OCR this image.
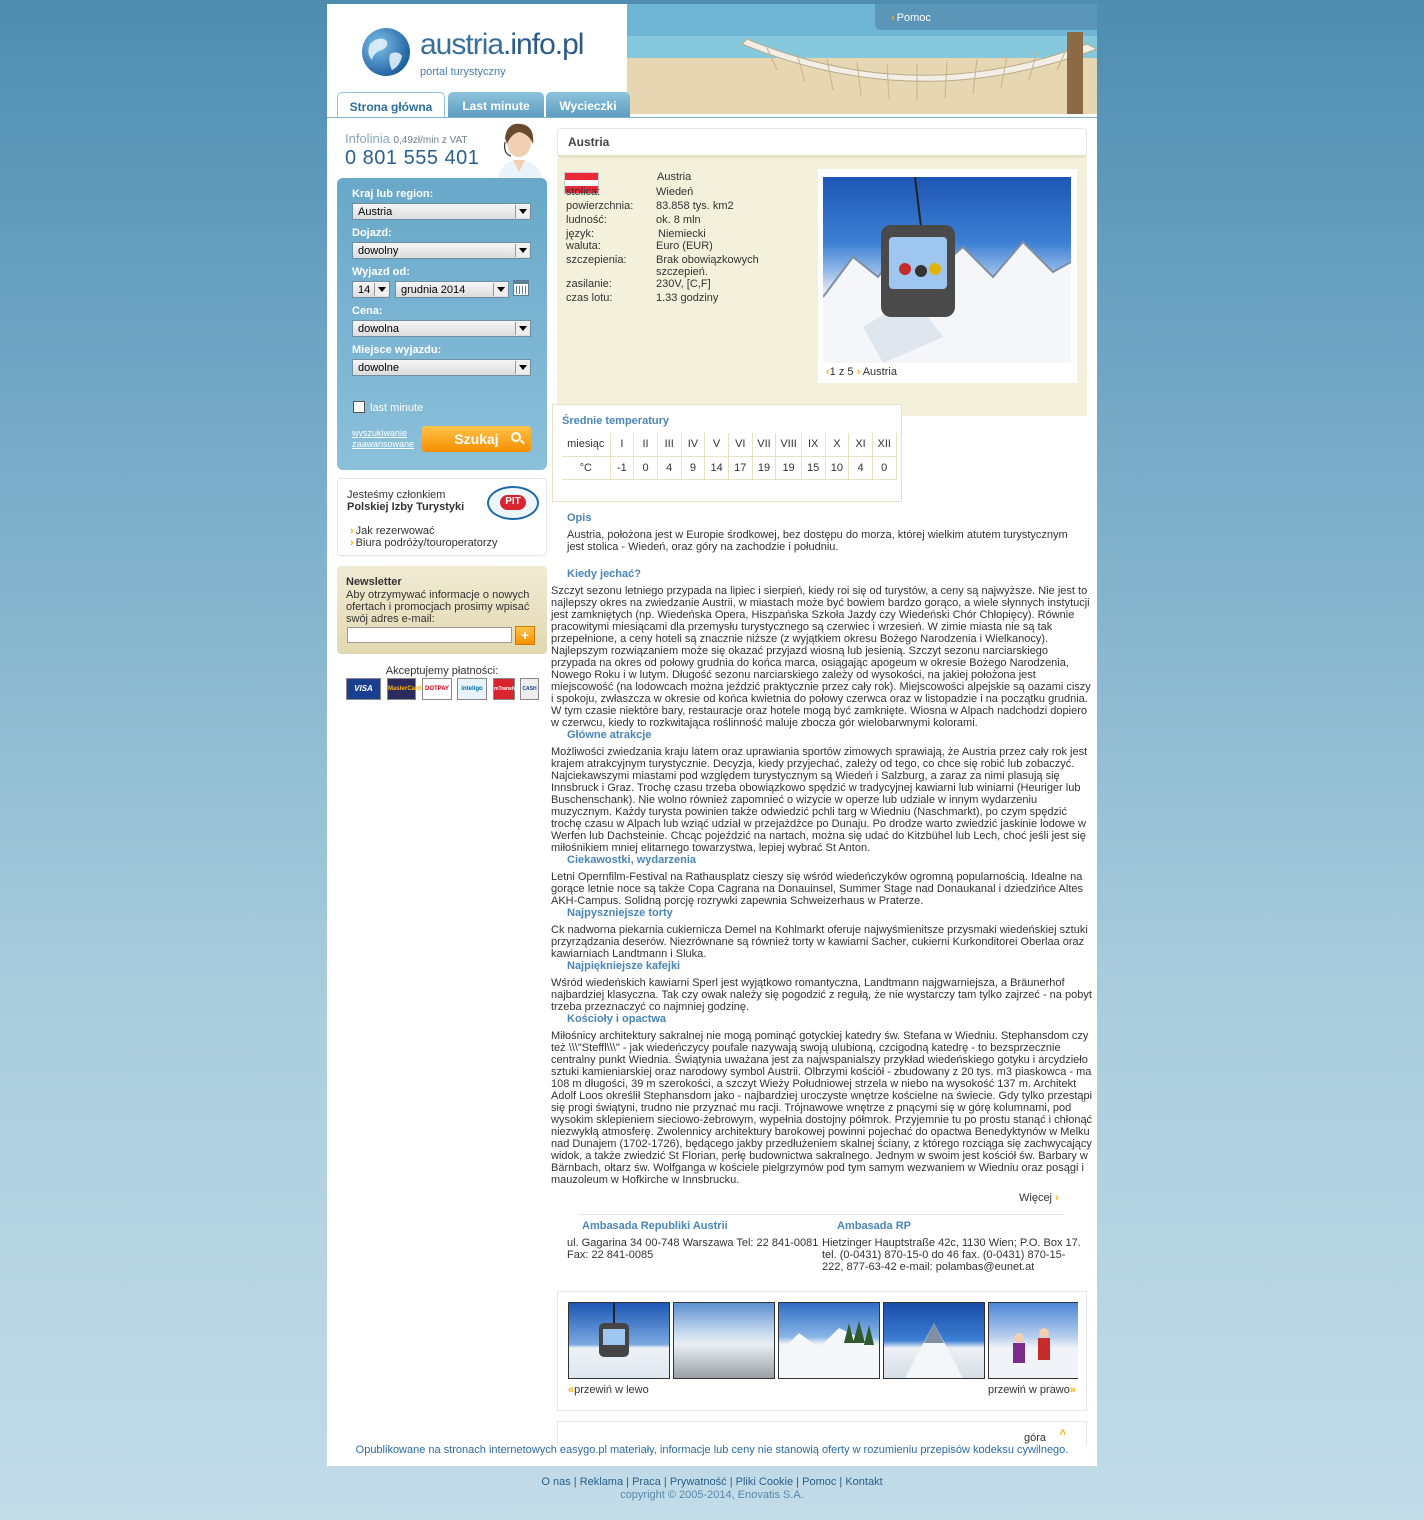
› Pomoc
austria.info.pl
portal turystyczny
Strona główna	Last minute	Wycieczki
Infolinia 0,49zł/min z VAT
0 801 555 401
Kraj lub region:
Austria
Dojazd:
dowolny
Wyjazd od:
14	grudnia 2014
Cena:
dowolna
Miejsce wyjazdu:
dowolne
last minute
wyszukiwanie
zaawansowane	Szukaj
Jesteśmy członkiem
Polskiej Izby Turystyki	PIT
› Jak rezerwować
› Biura podróży/touroperatorzy
Newsletter
Aby otrzymywać informacje o nowych ofertach i promocjach prosimy wpisać swój adres e-mail:
+
Akceptujemy płatności:
VISA	MasterCard DOTPAY	inteligo	mTransfer CASH
Austria
Austria
stolica:	Wiedeń
powierzchnia: 83.858 tys. km2
ludność:	ok. 8 mln
język:	Niemiecki
waluta:	Euro (EUR)
szczepienia:	Brak obowiązkowych szczepień.
zasilanie:	230V, [C,F]
czas lotu:	1.33 godziny
‹1 z 5 › Austria
Średnie temperatury
miesiąc	I	II	III	IV	V	VI	VII	VIII	IX	X	XI	XII
°C	-1	0	4	9	14	17	19	19	15	10	4	0
Opis
Austria, położona jest w Europie środkowej, bez dostępu do morza, której wielkim atutem turystycznym jest stolica - Wiedeń, oraz góry na zachodzie i południu.
Kiedy jechać?
Szczyt sezonu letniego przypada na lipiec i sierpień, kiedy roi się od turystów, a ceny są najwyższe. Nie jest to najlepszy okres na zwiedzanie Austrii, w miastach może być bowiem bardzo gorąco, a wiele słynnych instytucji jest zamkniętych (np. Wiedeńska Opera, Hiszpańska Szkoła Jazdy czy Wiedeński Chór Chłopięcy). Równie pracowitymi miesiącami dla przemysłu turystycznego są czerwiec i wrzesień. W zimie miasta nie są tak przepełnione, a ceny hoteli są znacznie niższe (z wyjątkiem okresu Bożego Narodzenia i Wielkanocy). Najlepszym rozwiązaniem może się okazać przyjazd wiosną lub jesienią. Szczyt sezonu narciarskiego przypada na okres od połowy grudnia do końca marca, osiągając apogeum w okresie Bożego Narodzenia, Nowego Roku i w lutym. Długość sezonu narciarskiego zależy od wysokości, na jakiej położona jest miejscowość (na lodowcach można jeździć praktycznie przez cały rok). Miejscowości alpejskie są oazami ciszy i spokoju, zwłaszcza w okresie od końca kwietnia do połowy czerwca oraz w listopadzie i na początku grudnia. W tym czasie niektóre bary, restauracje oraz hotele mogą być zamknięte. Wiosna w Alpach nadchodzi dopiero w czerwcu, kiedy to rozkwitająca roślinność maluje zbocza gór wielobarwnymi kolorami.
Główne atrakcje
Możliwości zwiedzania kraju latem oraz uprawiania sportów zimowych sprawiają, że Austria przez cały rok jest krajem atrakcyjnym turystycznie. Decyzja, kiedy przyjechać, zależy od tego, co chce się robić lub zobaczyć. Najciekawszymi miastami pod względem turystycznym są Wiedeń i Salzburg, a zaraz za nimi plasują się Innsbruck i Graz. Trochę czasu trzeba obowiązkowo spędzić w tradycyjnej kawiarni lub winiarni (Heuriger lub Buschenschank). Nie wolno również zapomnieć o wizycie w operze lub udziale w innym wydarzeniu muzycznym. Każdy turysta powinien także odwiedzić pchli targ w Wiedniu (Naschmarkt), po czym spędzić trochę czasu w Alpach lub wziąć udział w przejażdżce po Dunaju. Po drodze warto zwiedzić jaskinie lodowe w Werfen lub Dachsteinie. Chcąc pojeździć na nartach, można się udać do Kitzbühel lub Lech, choć jeśli jest się miłośnikiem mniej elitarnego towarzystwa, lepiej wybrać St Anton.
Ciekawostki, wydarzenia
Letni Opernfilm-Festival na Rathausplatz cieszy się wśród wiedeńczyków ogromną popularnością. Idealne na gorące letnie noce są także Copa Cagrana na Donauinsel, Summer Stage nad Donaukanal i dziedzińce Altes AKH-Campus. Solidną porcję rozrywki zapewnia Schweizerhaus w Praterze.
Najpyszniejsze torty
Ck nadworna piekarnia cukiernicza Demel na Kohlmarkt oferuje najwyśmienitsze przysmaki wiedeńskiej sztuki przyrządzania deserów. Niezrównane są również torty w kawiarni Sacher, cukierni Kurkonditorei Oberlaa oraz kawiarniach Landtmann i Sluka.
Najpiękniejsze kafejki
Wśród wiedeńskich kawiarni Sperl jest wyjątkowo romantyczna, Landtmann najgwarniejsza, a Bräunerhof najbardziej klasyczna. Tak czy owak należy się pogodzić z regułą, że nie wystarczy tam tylko zajrzeć - na pobyt trzeba przeznaczyć co najmniej godzinę.
Kościoły i opactwa
Miłośnicy architektury sakralnej nie mogą pominąć gotyckiej katedry św. Stefana w Wiedniu. Stephansdom czy też \\\"Steffl\\\" - jak wiedeńczycy poufale nazywają swoją ulubioną, czcigodną katedrę - to bezsprzecznie centralny punkt Wiednia. Świątynia uważana jest za najwspanialszy przykład wiedeńskiego gotyku i arcydzieło sztuki kamieniarskiej oraz narodowy symbol Austrii. Olbrzymi kościół - zbudowany z 20 tys. m3 piaskowca - ma 108 m długości, 39 m szerokości, a szczyt Wieży Południowej strzela w niebo na wysokość 137 m. Architekt Adolf Loos określił Stephansdom jako - najbardziej uroczyste wnętrze kościelne na świecie. Gdy tylko przestąpi się progi świątyni, trudno nie przyznać mu racji. Trójnawowe wnętrze z pnącymi się w górę kolumnami, pod wysokim sklepieniem sieciowo-żebrowym, wypełnia dostojny półmrok. Przyjemnie tu po prostu stanąć i chłonąć niezwykłą atmosferę. Zwolennicy architektury barokowej powinni pojechać do opactwa Benedyktynów w Melku nad Dunajem (1702-1726), będącego jakby przedłużeniem skalnej ściany, z którego rozciąga się zachwycający widok, a także zwiedzić St Florian, perłę budownictwa sakralnego. Jednym w swoim jest kościół św. Barbary w Bärnbach, ołtarz św. Wolfganga w kościele pielgrzymów pod tym samym wezwaniem w Wiedniu oraz posągi i mauzoleum w Hofkirche w Innsbrucku.
Więcej ›
Ambasada Republiki Austrii
ul. Gagarina 34 00-748 Warszawa Tel: 22 841-0081 Fax: 22 841-0085
Ambasada RP
Hietzinger Hauptstraße 42c, 1130 Wien; P.O. Box 17. tel. (0-0431) 870-15-0 do 46 fax. (0-0431) 870-15-222, 877-63-42 e-mail: polambas@eunet.at
«przewiń w lewo	przewiń w prawo»
˄
góra
Opublikowane na stronach internetowych easygo.pl materiały, informacje lub ceny nie stanowią oferty w rozumieniu przepisów kodeksu cywilnego.
O nas | Reklama | Praca | Prywatność | Pliki Cookie | Pomoc | Kontakt
copyright © 2005-2014, Enovatis S.A.
